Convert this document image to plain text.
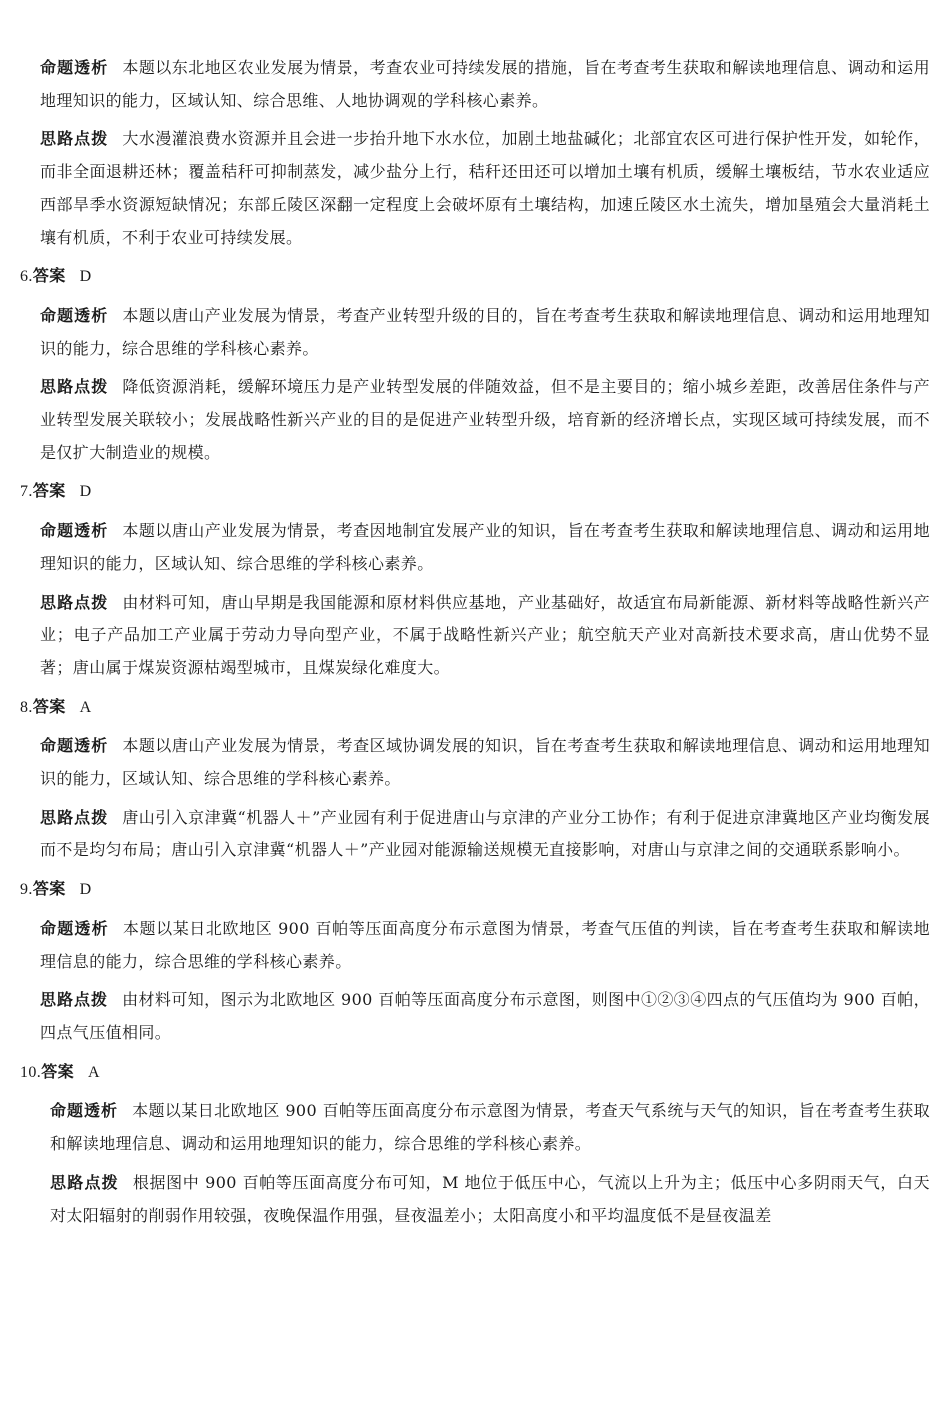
命题透析 本题以东北地区农业发展为情景，考查农业可持续发展的措施，旨在考查考生获取和解读地理信息、调动和运用地理知识的能力，区域认知、综合思维、人地协调观的学科核心素养。
思路点拨 大水漫灌浪费水资源并且会进一步抬升地下水水位，加剧土地盐碱化；北部宜农区可进行保护性开发，如轮作，而非全面退耕还林；覆盖秸秆可抑制蒸发，减少盐分上行，秸秆还田还可以增加土壤有机质，缓解土壤板结，节水农业适应西部旱季水资源短缺情况；东部丘陵区深翻一定程度上会破坏原有土壤结构，加速丘陵区水土流失，增加垦殖会大量消耗土壤有机质，不利于农业可持续发展。
6.答案 D
命题透析 本题以唐山产业发展为情景，考查产业转型升级的目的，旨在考查考生获取和解读地理信息、调动和运用地理知识的能力，综合思维的学科核心素养。
思路点拨 降低资源消耗，缓解环境压力是产业转型发展的伴随效益，但不是主要目的；缩小城乡差距，改善居住条件与产业转型发展关联较小；发展战略性新兴产业的目的是促进产业转型升级，培育新的经济增长点，实现区域可持续发展，而不是仅扩大制造业的规模。
7.答案 D
命题透析 本题以唐山产业发展为情景，考查因地制宜发展产业的知识，旨在考查考生获取和解读地理信息、调动和运用地理知识的能力，区域认知、综合思维的学科核心素养。
思路点拨 由材料可知，唐山早期是我国能源和原材料供应基地，产业基础好，故适宜布局新能源、新材料等战略性新兴产业；电子产品加工产业属于劳动力导向型产业，不属于战略性新兴产业；航空航天产业对高新技术要求高，唐山优势不显著；唐山属于煤炭资源枯竭型城市，且煤炭绿化难度大。
8.答案 A
命题透析 本题以唐山产业发展为情景，考查区域协调发展的知识，旨在考查考生获取和解读地理信息、调动和运用地理知识的能力，区域认知、综合思维的学科核心素养。
思路点拨 唐山引入京津冀“机器人＋”产业园有利于促进唐山与京津的产业分工协作；有利于促进京津冀地区产业均衡发展而不是均匀布局；唐山引入京津冀“机器人＋”产业园对能源输送规模无直接影响，对唐山与京津之间的交通联系影响小。
9.答案 D
命题透析 本题以某日北欧地区 900 百帕等压面高度分布示意图为情景，考查气压值的判读，旨在考查考生获取和解读地理信息的能力，综合思维的学科核心素养。
思路点拨 由材料可知，图示为北欧地区 900 百帕等压面高度分布示意图，则图中①②③④四点的气压值均为 900 百帕，四点气压值相同。
10.答案 A
命题透析 本题以某日北欧地区 900 百帕等压面高度分布示意图为情景，考查天气系统与天气的知识，旨在考查考生获取和解读地理信息、调动和运用地理知识的能力，综合思维的学科核心素养。
思路点拨 根据图中 900 百帕等压面高度分布可知，M 地位于低压中心，气流以上升为主；低压中心多阴雨天气，白天对太阳辐射的削弱作用较强，夜晚保温作用强，昼夜温差小；太阳高度小和平均温度低不是昼夜温差
